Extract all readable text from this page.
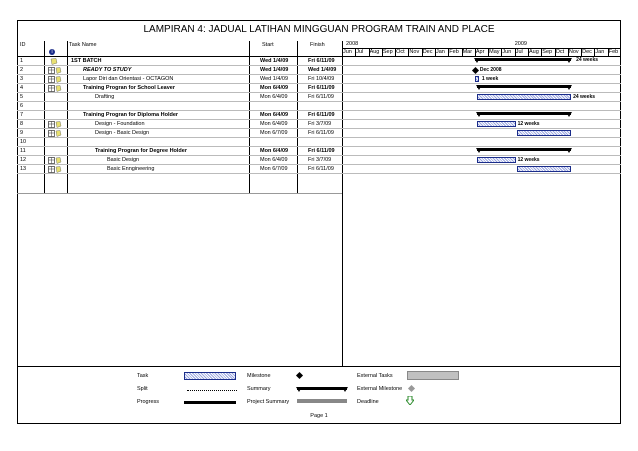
LAMPIRAN 4: JADUAL LATIHAN MINGGUAN PROGRAM TRAIN AND PLACE
ID	Task Name	Start	Finish
i
2008	2009
Jun Jul Aug Sep Oct Nov Dec Jan Feb Mar Apr May Jun Jul Aug Sep Oct Nov Dec Jan Feb
1	1ST BATCH	Wed 1/4/09	Fri 6/11/09
2	READY TO STUDY	Wed 1/4/09	Wed 1/4/09
3	Lapor Diri dan Orientasi - OCTAGON	Wed 1/4/09	Fri 10/4/09
4	Training Progran for School Leaver	Mon 6/4/09	Fri 6/11/09
5	Drafting	Mon 6/4/09	Fri 6/11/09
6
7	Training Progran for Diploma Holder	Mon 6/4/09	Fri 6/11/09
8	Design - Foundation	Mon 6/4/09	Fri 3/7/09
9	Design - Basic Design	Mon 6/7/09	Fri 6/11/09
10
11	Training Progran for Degree Holder	Mon 6/4/09	Fri 6/11/09
12	Basic Design	Mon 6/4/09	Fri 3/7/09
13	Basic Enngineering	Mon 6/7/09	Fri 6/11/09
24 weeks
Dec 2008
1 week
24 weeks
12 weeks
12 weeks
Task
Split
Progress
Milestone
Summary
Project Summary
External Tasks
External Milestone
Deadline
Page 1
